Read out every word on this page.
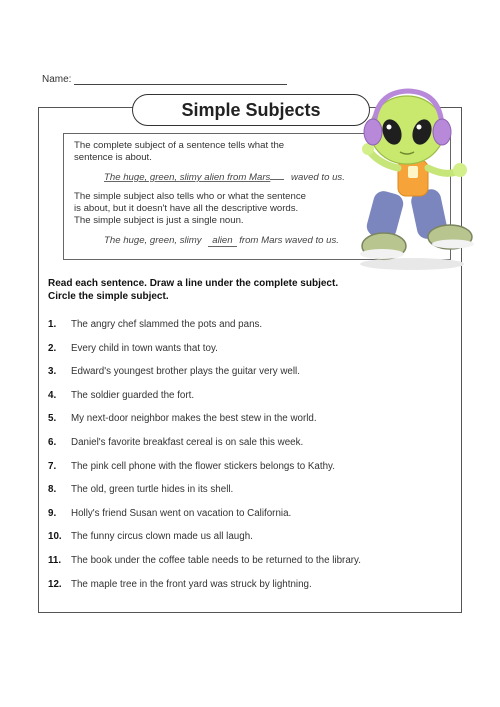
Name:
Simple Subjects
The complete subject of a sentence tells what the
sentence is about.
The huge, green, slimy alien from Mars waved to us.
The simple subject also tells who or what the sentence
is about, but it doesn't have all the descriptive words.
The simple subject is just a single noun.
The huge, green, slimy alien from Mars waved to us.
Read each sentence. Draw a line under the complete subject.
Circle the simple subject.
1. The angry chef slammed the pots and pans.
2. Every child in town wants that toy.
3. Edward's youngest brother plays the guitar very well.
4. The soldier guarded the fort.
5. My next-door neighbor makes the best stew in the world.
6. Daniel's favorite breakfast cereal is on sale this week.
7. The pink cell phone with the flower stickers belongs to Kathy.
8. The old, green turtle hides in its shell.
9. Holly's friend Susan went on vacation to California.
10. The funny circus clown made us all laugh.
11. The book under the coffee table needs to be returned to the library.
12. The maple tree in the front yard was struck by lightning.
